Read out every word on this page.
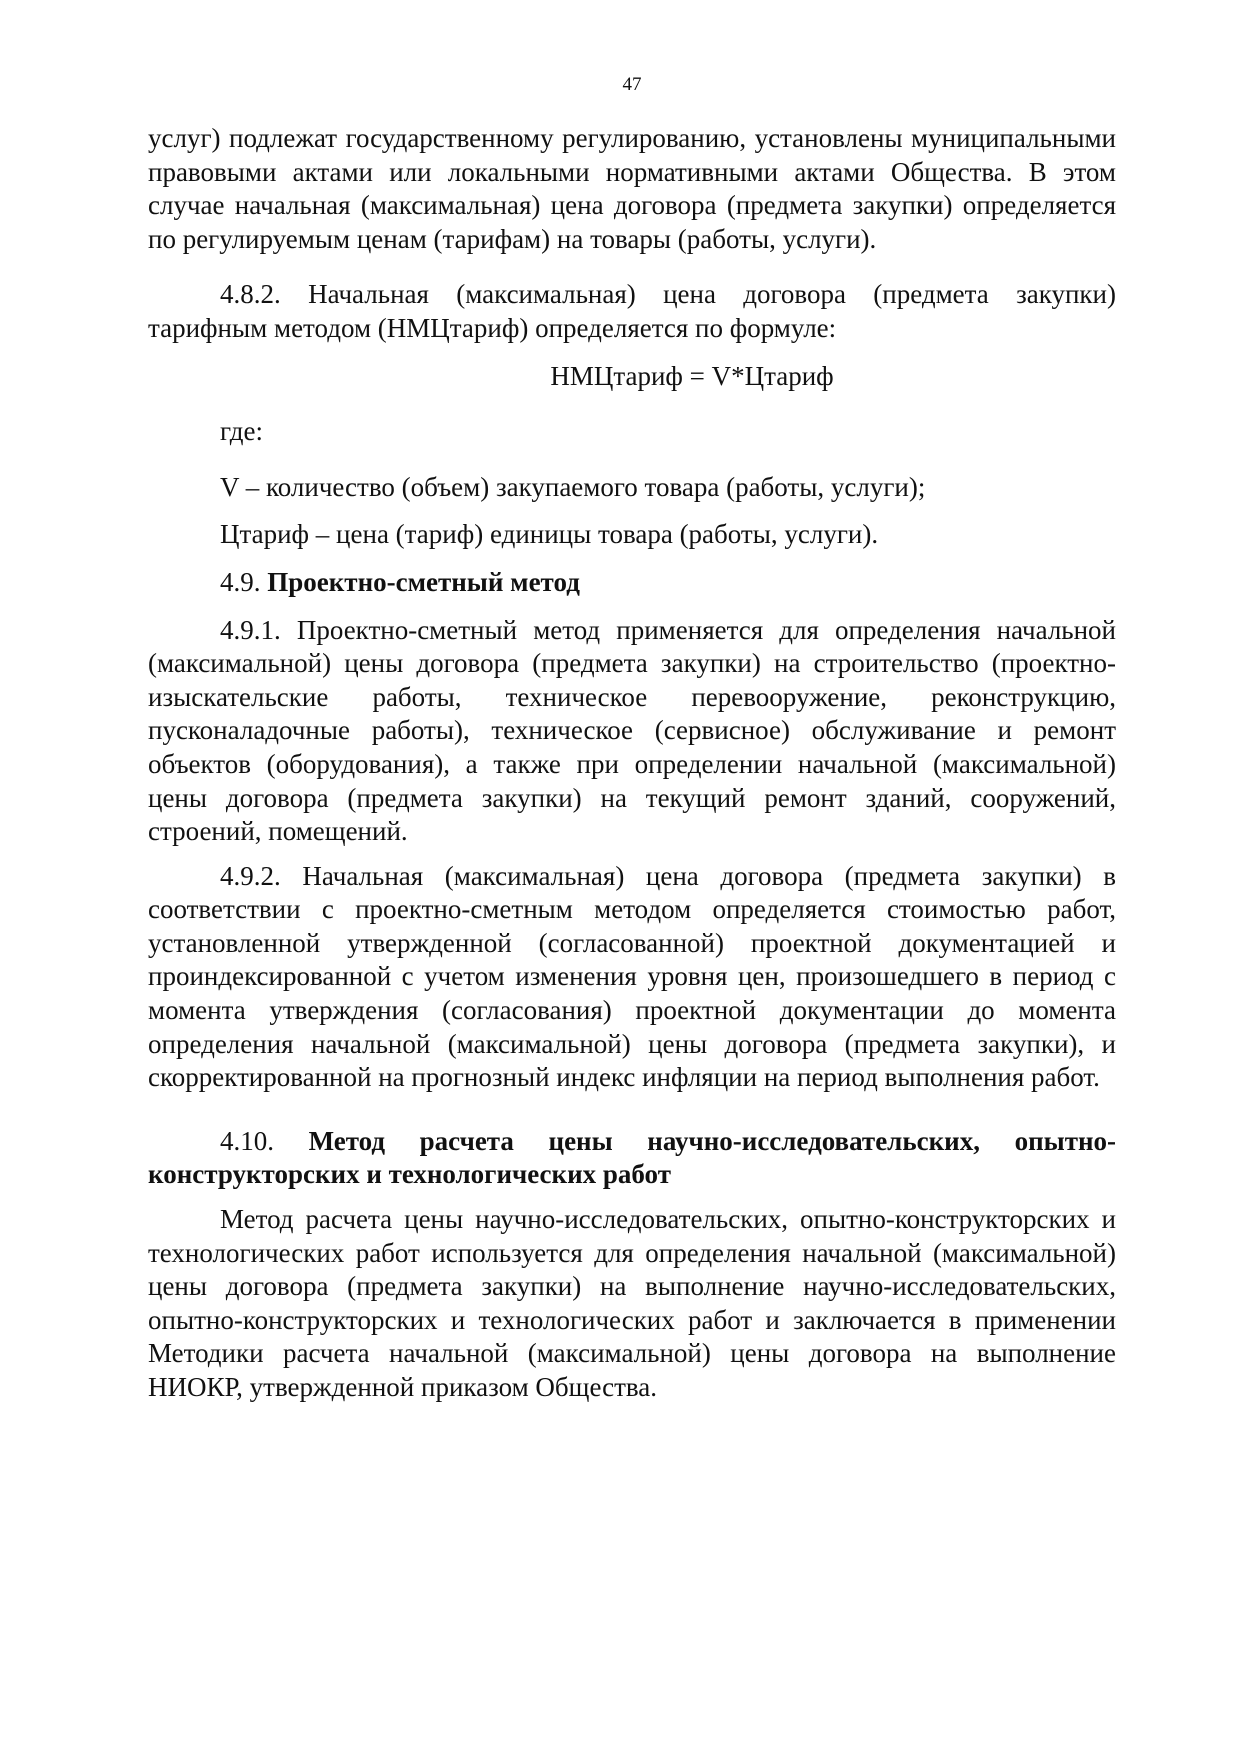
47

услуг) подлежат государственному регулированию, установлены муниципальными правовыми актами или локальными нормативными актами Общества. В этом случае начальная (максимальная) цена договора (предмета закупки) определяется по регулируемым ценам (тарифам) на товары (работы, услуги).

4.8.2. Начальная (максимальная) цена договора (предмета закупки) тарифным методом (НМЦтариф) определяется по формуле:

НМЦтариф = V*Цтариф

где:

V – количество (объем) закупаемого товара (работы, услуги);

Цтариф – цена (тариф) единицы товара (работы, услуги).

4.9. Проектно-сметный метод

4.9.1. Проектно-сметный метод применяется для определения начальной (максимальной) цены договора (предмета закупки) на строительство (проектно-изыскательские работы, техническое перевооружение, реконструкцию, пусконаладочные работы), техническое (сервисное) обслуживание и ремонт объектов (оборудования), а также при определении начальной (максимальной) цены договора (предмета закупки) на текущий ремонт зданий, сооружений, строений, помещений.

4.9.2. Начальная (максимальная) цена договора (предмета закупки) в соответствии с проектно-сметным методом определяется стоимостью работ, установленной утвержденной (согласованной) проектной документацией и проиндексированной с учетом изменения уровня цен, произошедшего в период с момента утверждения (согласования) проектной документации до момента определения начальной (максимальной) цены договора (предмета закупки), и скорректированной на прогнозный индекс инфляции на период выполнения работ.

4.10. Метод расчета цены научно-исследовательских, опытно-конструкторских и технологических работ

Метод расчета цены научно-исследовательских, опытно-конструкторских и технологических работ используется для определения начальной (максимальной) цены договора (предмета закупки) на выполнение научно-исследовательских, опытно-конструкторских и технологических работ и заключается в применении Методики расчета начальной (максимальной) цены договора на выполнение НИОКР, утвержденной приказом Общества.
